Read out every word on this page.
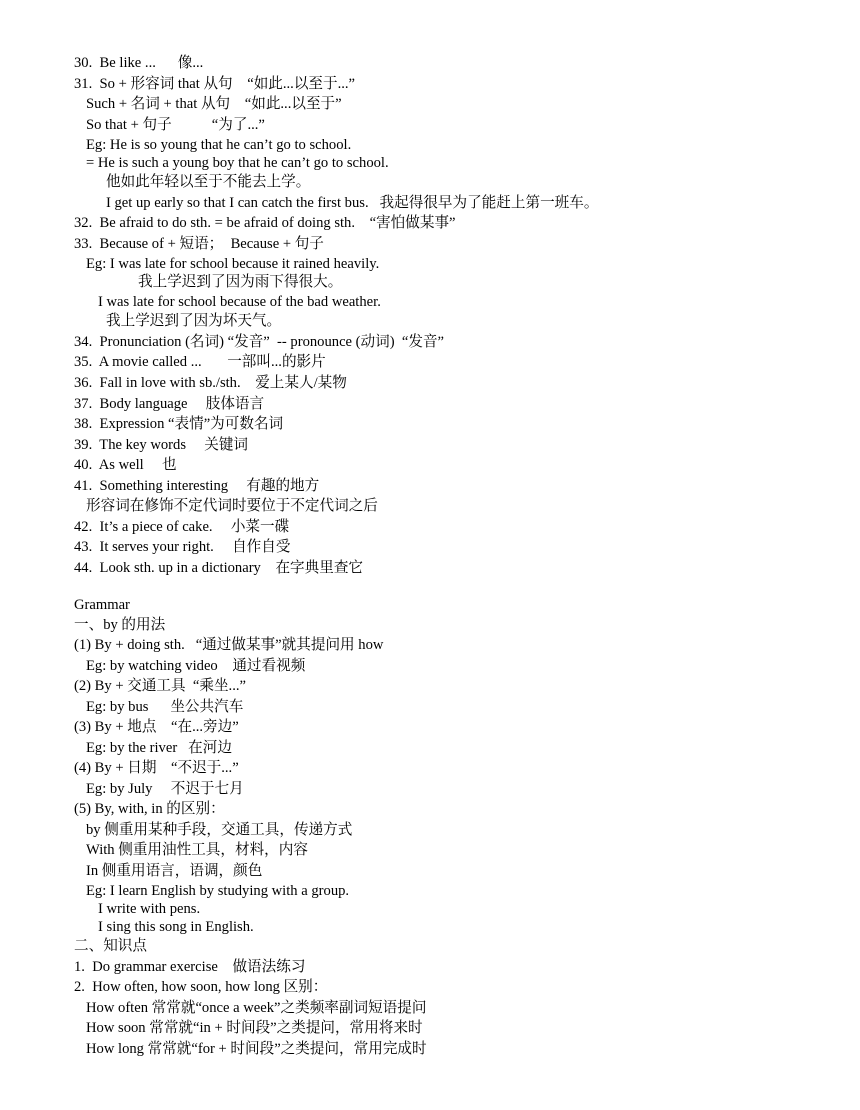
30.  Be like ...      像...
31.  So + 形容词 that 从句    “如此...以至于...”
Such + 名词 + that 从句    “如此...以至于”
So that + 句子           “为了...”
Eg: He is so young that he can’t go to school.
= He is such a young boy that he can’t go to school.
他如此年轻以至于不能去上学。
I get up early so that I can catch the first bus.   我起得很早为了能赶上第一班车。
32.  Be afraid to do sth. = be afraid of doing sth.    “害怕做某事”
33.  Because of + 短语；  Because + 句子
Eg: I was late for school because it rained heavily.
我上学迟到了因为雨下得很大。
I was late for school because of the bad weather.
我上学迟到了因为坏天气。
34.  Pronunciation (名词) “发音”  -- pronounce (动词)  “发音”
35.  A movie called ...       一部叫...的影片
36.  Fall in love with sb./sth.    爱上某人/某物
37.  Body language     肢体语言
38.  Expression “表情”为可数名词
39.  The key words     关键词
40.  As well     也
41.  Something interesting     有趣的地方
形容词在修饰不定代词时要位于不定代词之后
42.  It’s a piece of cake.     小菜一碟
43.  It serves your right.     自作自受
44.  Look sth. up in a dictionary    在字典里查它
Grammar
一、by 的用法
(1) By + doing sth.   “通过做某事”就其提问用 how
Eg: by watching video    通过看视频
(2) By + 交通工具  “乘坐...”
Eg: by bus      坐公共汽车
(3) By + 地点    “在...旁边”
Eg: by the river   在河边
(4) By + 日期    “不迟于...”
Eg: by July     不迟于七月
(5) By, with, in 的区别：
by 侧重用某种手段，交通工具，传递方式
With 侧重用油性工具，材料，内容
In 侧重用语言，语调，颜色
Eg: I learn English by studying with a group.
I write with pens.
I sing this song in English.
二、知识点
1.  Do grammar exercise    做语法练习
2.  How often, how soon, how long 区别：
How often 常常就“once a week”之类频率副词短语提问
How soon 常常就“in + 时间段”之类提问，常用将来时
How long 常常就“for + 时间段”之类提问，常用完成时
